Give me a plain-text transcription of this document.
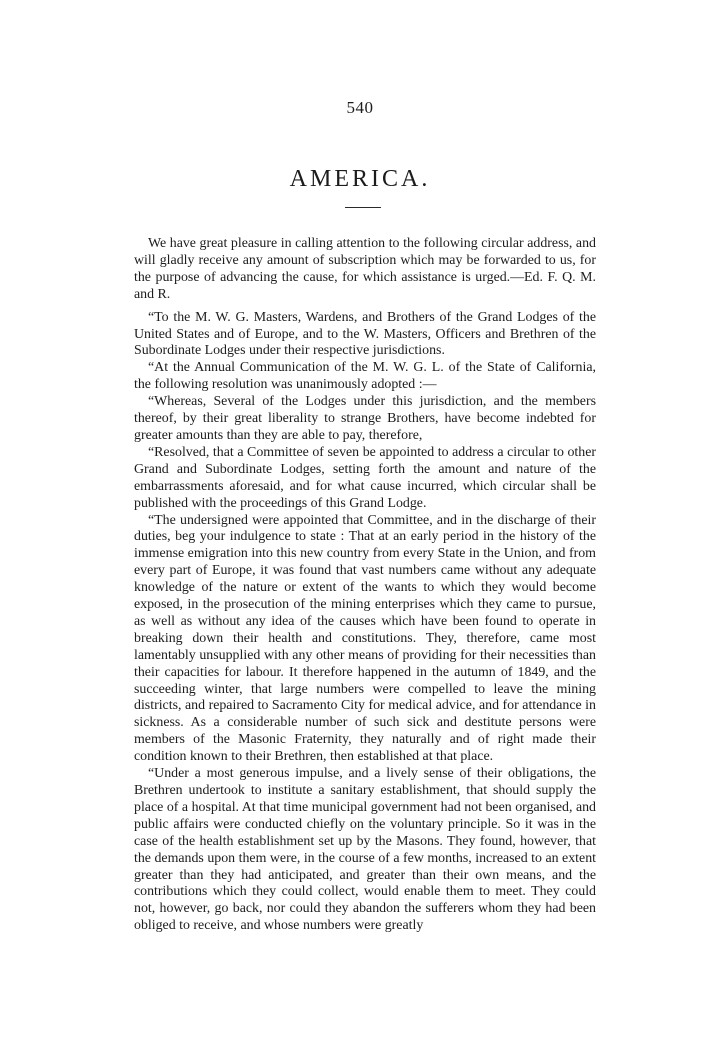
540
AMERICA.

We have great pleasure in calling attention to the following circular address, and will gladly receive any amount of subscription which may be forwarded to us, for the purpose of advancing the cause, for which assistance is urged.—Ed. F. Q. M. and R.

“To the M. W. G. Masters, Wardens, and Brothers of the Grand Lodges of the United States and of Europe, and to the W. Masters, Officers and Brethren of the Subordinate Lodges under their respective jurisdictions.

“At the Annual Communication of the M. W. G. L. of the State of California, the following resolution was unanimously adopted :—

“Whereas, Several of the Lodges under this jurisdiction, and the members thereof, by their great liberality to strange Brothers, have become indebted for greater amounts than they are able to pay, therefore,

“Resolved, that a Committee of seven be appointed to address a circular to other Grand and Subordinate Lodges, setting forth the amount and nature of the embarrassments aforesaid, and for what cause incurred, which circular shall be published with the proceedings of this Grand Lodge.

“The undersigned were appointed that Committee, and in the discharge of their duties, beg your indulgence to state : That at an early period in the history of the immense emigration into this new country from every State in the Union, and from every part of Europe, it was found that vast numbers came without any adequate knowledge of the nature or extent of the wants to which they would become exposed, in the prosecution of the mining enterprises which they came to pursue, as well as without any idea of the causes which have been found to operate in breaking down their health and constitutions. They, therefore, came most lamentably unsupplied with any other means of providing for their necessities than their capacities for labour. It therefore happened in the autumn of 1849, and the succeeding winter, that large numbers were compelled to leave the mining districts, and repaired to Sacramento City for medical advice, and for attendance in sickness. As a considerable number of such sick and destitute persons were members of the Masonic Fraternity, they naturally and of right made their condition known to their Brethren, then established at that place.

“Under a most generous impulse, and a lively sense of their obligations, the Brethren undertook to institute a sanitary establishment, that should supply the place of a hospital. At that time municipal government had not been organised, and public affairs were conducted chiefly on the voluntary principle. So it was in the case of the health establishment set up by the Masons. They found, however, that the demands upon them were, in the course of a few months, increased to an extent greater than they had anticipated, and greater than their own means, and the contributions which they could collect, would enable them to meet. They could not, however, go back, nor could they abandon the sufferers whom they had been obliged to receive, and whose numbers were greatly
